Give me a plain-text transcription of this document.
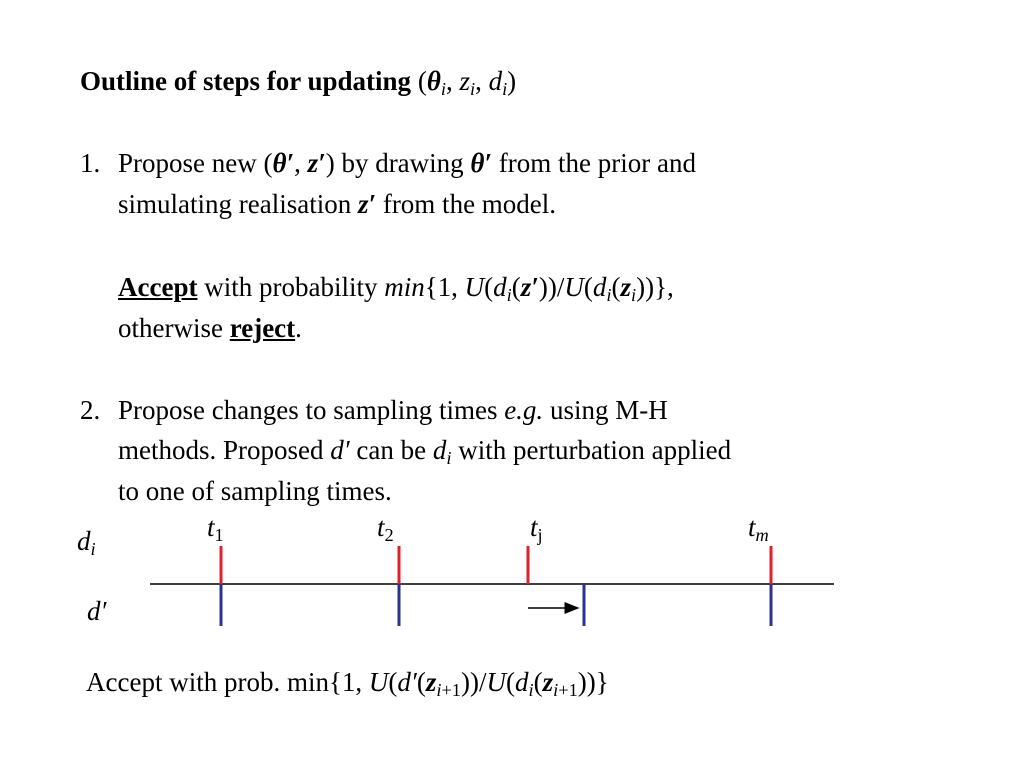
Outline of steps for updating ($\theta_i$, $z_i$, $d_i$)
1. Propose new (θ′, z′) by drawing θ′ from the prior and
simulating realisation z′ from the model.
Accept with probability min{1, $U(d_i(z'))/U(d_i(z_i))$},
otherwise reject.
2. Propose changes to sampling times e.g. using M-H
methods. Proposed d′ can be $d_i$ with perturbation applied
to one of sampling times.
$d_i$
d′
$t_1$	$t_2$	$t_j$	$t_m$
Accept with prob. min{1, $U(d'(z_{i+1}))/U(d_i(z_{i+1}))$}
